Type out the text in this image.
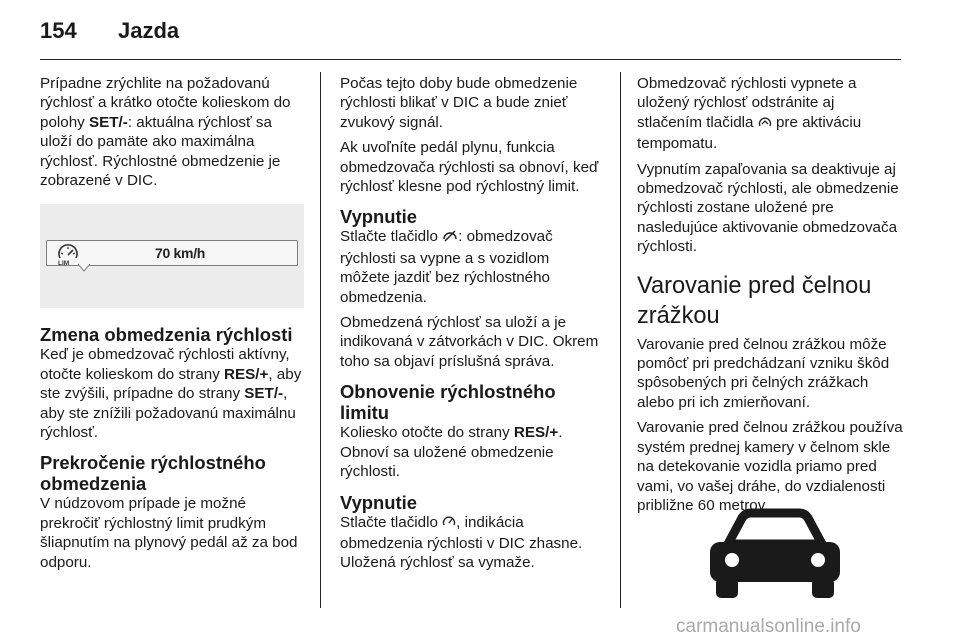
154 Jazda

Prípadne zrýchlite na požadovanú rýchlosť a krátko otočte kolieskom do polohy SET/-: aktuálna rýchlosť sa uloží do pamäte ako maximálna rýchlosť. Rýchlostné obmedzenie je zobrazené v DIC.

LIM
70 km/h
Zmena obmedzenia rýchlosti

Keď je obmedzovač rýchlosti aktívny, otočte kolieskom do strany RES/+, aby ste zvýšili, prípadne do strany SET/-, aby ste znížili požadovanú maximálnu rýchlosť.

Prekročenie rýchlostného obmedzenia

V núdzovom prípade je možné prekročiť rýchlostný limit prudkým šliapnutím na plynový pedál až za bod odporu.

Počas tejto doby bude obmedzenie rýchlosti blikať v DIC a bude znieť zvukový signál.

Ak uvoľníte pedál plynu, funkcia obmedzovača rýchlosti sa obnoví, keď rýchlosť klesne pod rýchlostný limit.

Vypnutie

Stlačte tlačidlo : obmedzovač rýchlosti sa vypne a s vozidlom môžete jazdiť bez rýchlostného obmedzenia.

Obmedzená rýchlosť sa uloží a je indikovaná v zátvorkách v DIC. Okrem toho sa objaví príslušná správa.

Obnovenie rýchlostného limitu

Koliesko otočte do strany RES/+. Obnoví sa uložené obmedzenie rýchlosti.

Vypnutie

Stlačte tlačidlo , indikácia obmedzenia rýchlosti v DIC zhasne. Uložená rýchlosť sa vymaže.

Obmedzovač rýchlosti vypnete a uložený rýchlosť odstránite aj stlačením tlačidla  pre aktiváciu tempomatu.

Vypnutím zapaľovania sa deaktivuje aj obmedzovač rýchlosti, ale obmedzenie rýchlosti zostane uložené pre nasledujúce aktivovanie obmedzovača rýchlosti.

Varovanie pred čelnou zrážkou

Varovanie pred čelnou zrážkou môže pomôcť pri predchádzaní vzniku škôd spôsobených pri čelných zrážkach alebo pri ich zmierňovaní.

Varovanie pred čelnou zrážkou používa systém prednej kamery v čelnom skle na detekovanie vozidla priamo pred vami, vo vašej dráhe, do vzdialenosti približne 60 metrov.

carmanualsonline.info
